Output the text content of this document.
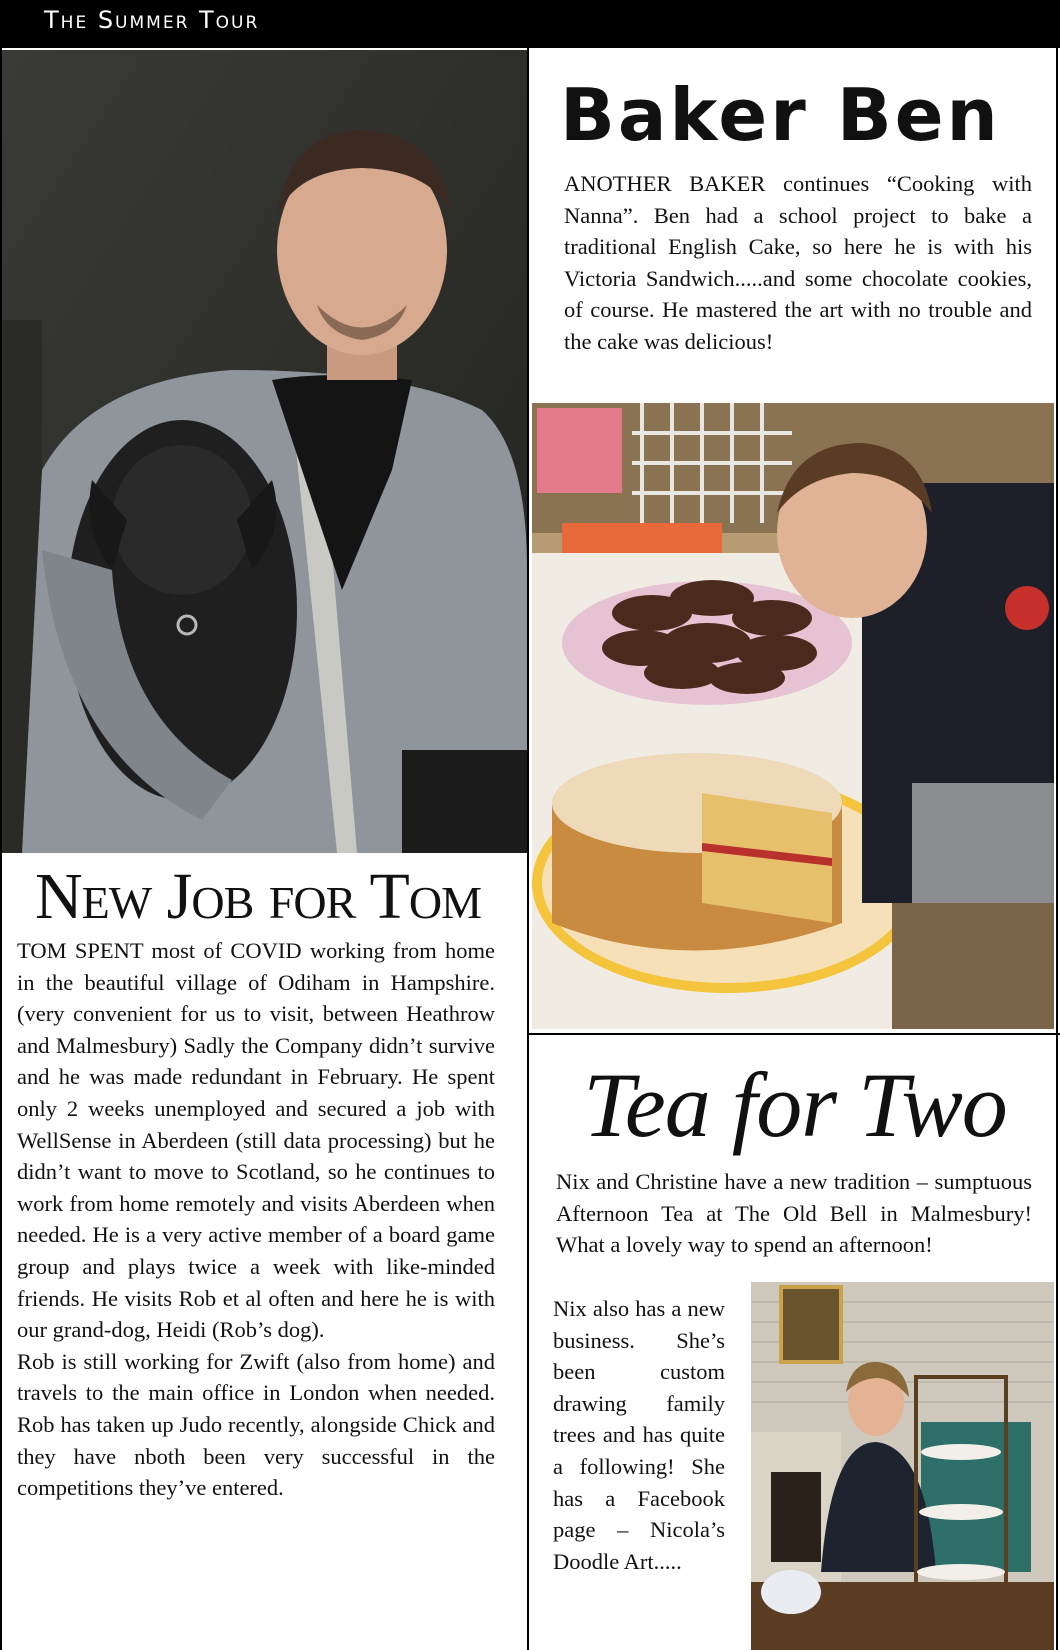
The Summer Tour
New Job for Tom

TOM SPENT most of COVID working from home in the beautiful village of Odiham in Hampshire. (very convenient for us to visit, between Heathrow and Malmesbury) Sadly the Company didn’t survive and he was made redundant in February. He spent only 2 weeks unemployed and secured a job with WellSense in Aberdeen (still data processing) but he didn’t want to move to Scotland, so he continues to work from home remotely and visits Aberdeen when needed. He is a very active member of a board game group and plays twice a week with like-minded friends. He visits Rob et al often and here he is with our grand-dog, Heidi (Rob’s dog).

Rob is still working for Zwift (also from home) and travels to the main office in London when needed. Rob has taken up Judo recently, alongside Chick and they have nboth been very successful in the competitions they’ve entered.

Baker Ben
ANOTHER BAKER continues “Cooking with Nanna”. Ben had a school project to bake a traditional English Cake, so here he is with his Victoria Sandwich.....and some chocolate cookies, of course. He mastered the art with no trouble and the cake was delicious!
Tea for Two
Nix and Christine have a new tradition – sumptuous Afternoon Tea at The Old Bell in Malmesbury! What a lovely way to spend an afternoon!
Nix also has a new business. She’s been custom drawing family trees and has quite a following! She has a Facebook page – Nicola’s Doodle Art.....
